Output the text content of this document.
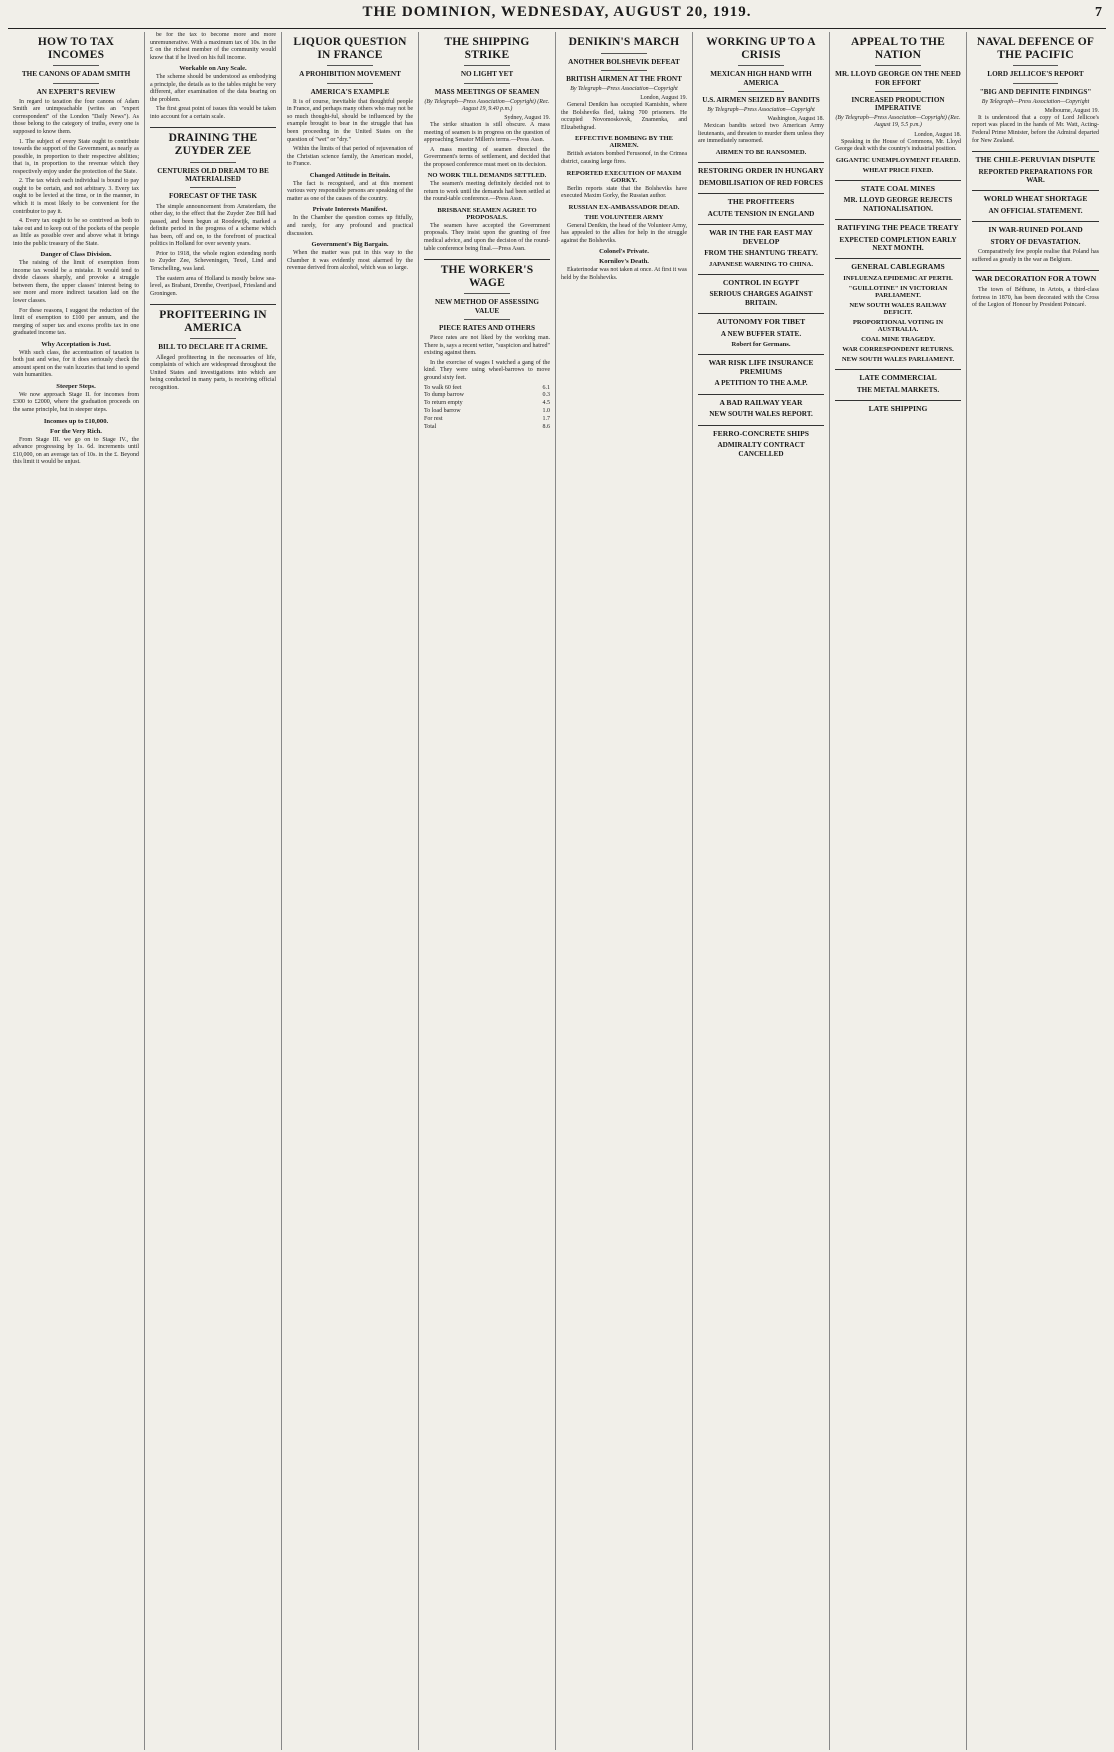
THE DOMINION, WEDNESDAY, AUGUST 20, 1919.	7
HOW TO TAX INCOMES
THE CANONS OF ADAM SMITH
AN EXPERT'S REVIEW

In regard to taxation the four canons of Adam Smith are unimpeachable (writes an "expert correspondent" of the London "Daily News"). As those belong to the category of truths, every one is supposed to know them.

1. The subject of every State ought to contribute towards the support of the Government, as nearly as possible, in proportion to their respective abilities; that is, in proportion to the revenue which they respectively enjoy under the protection of the State.

2. The tax which each individual is bound to pay ought to be certain, and not arbitrary. 3. Every tax ought to be levied at the time, or in the manner, in which it is most likely to be convenient for the contributor to pay it.

4. Every tax ought to be so contrived as both to take out and to keep out of the pockets of the people as little as possible over and above what it brings into the public treasury of the State.

Danger of Class Division.

The raising of the limit of exemption from income tax would be a mistake. It would tend to divide classes sharply, and provoke a struggle between them, the upper classes' interest being to see more and more indirect taxation laid on the lower classes.

For these reasons, I suggest the reduction of the limit of exemption to £100 per annum, and the merging of super tax and excess profits tax in one graduated income tax.

Why Acceptation is Just.

With such class, the accentuation of taxation is both just and wise, for it does seriously check the amount spent on the vain luxuries that tend to spend vain humanities.

Steeper Steps.

We now approach Stage II. for incomes from £300 to £2000, where the graduation proceeds on the same principle, but in steeper steps.

Incomes up to £10,000.
For the Very Rich.

From Stage III. we go on to Stage IV., the advance progressing by 1s. 6d. increments until £10,000, on an average tax of 10s. in the £. Beyond this limit it would be unjust.

be for the tax to become more and more unremunerative. With a maximum tax of 10s. in the £ on the richest member of the community would know that if he lived on his full income.

Workable on Any Scale.

The scheme should be understood as embodying a principle, the details as to the tables might be very different, after examination of the data bearing on the problem.

The first great point of issues this would be taken into account for a certain scale.

DRAINING THE ZUYDER ZEE
CENTURIES OLD DREAM TO BE MATERIALISED
FORECAST OF THE TASK

The simple announcement from Amsterdam, the other day, to the effect that the Zuyder Zee Bill had passed, and been begun at Roodewijk, marked a definite period in the progress of a scheme which has been, off and on, to the forefront of practical politics in Holland for over seventy years.

Prior to 1918, the whole region extending north to Zuyder Zee, Scheveningen, Texel, Lind and Terschelling, was land.

The eastern area of Holland is mostly below sea-level, as Brabant, Drenthe, Overijssel, Friesland and Groningen.

PROFITEERING IN AMERICA
BILL TO DECLARE IT A CRIME.

Alleged profiteering in the necessaries of life, complaints of which are widespread throughout the United States and investigations into which are being conducted in many parts, is receiving official recognition.

LIQUOR QUESTION IN FRANCE
A PROHIBITION MOVEMENT
AMERICA'S EXAMPLE

It is of course, inevitable that thoughtful people in France, and perhaps many others who may not be so much thought-ful, should be influenced by the example brought to bear in the struggle that has been proceeding in the United States on the question of "wet" or "dry."

Within the limits of that period of rejuvenation of the Christian science family, the American model, to France.

Changed Attitude in Britain.

The fact is recognised, and at this moment various very responsible persons are speaking of the matter as one of the causes of the country.

Private Interests Manifest.

In the Chamber the question comes up fitfully, and rarely, for any profound and practical discussion.

Government's Big Bargain.

When the matter was put in this way to the Chamber it was evidently most alarmed by the revenue derived from alcohol, which was so large.

THE SHIPPING STRIKE
NO LIGHT YET
MASS MEETINGS OF SEAMEN
(By Telegraph—Press Association—Copyright) (Rec. August 19, 9.40 p.m.)
Sydney, August 19.

The strike situation is still obscure. A mass meeting of seamen is in progress on the question of approaching Senator Millen's terms.—Press Assn.

A mass meeting of seamen directed the Government's terms of settlement, and decided that the proposed conference must meet on its decision.

NO WORK TILL DEMANDS SETTLED.

The seamen's meeting definitely decided not to return to work until the demands had been settled at the round-table conference.—Press Assn.

BRISBANE SEAMEN AGREE TO PROPOSALS.

The seamen have accepted the Government proposals. They insist upon the granting of free medical advice, and upon the decision of the round-table conference being final.—Press Assn.

THE WORKER'S WAGE
NEW METHOD OF ASSESSING VALUE
PIECE RATES AND OTHERS

Piece rates are not liked by the working man. There is, says a recent writer, "suspicion and hatred" existing against them.

In the exercise of wages I watched a gang of the kind. They were using wheel-barrows to move ground sixty feet.

To walk 60 feet	6.1
To dump barrow	0.3
To return empty	4.5
To load barrow	1.0
For rest	1.7
Total	8.6
DENIKIN'S MARCH
ANOTHER BOLSHEVIK DEFEAT
BRITISH AIRMEN AT THE FRONT
By Telegraph—Press Association—Copyright
London, August 19.

General Denikin has occupied Kamishin, where the Bolsheviks fled, taking 700 prisoners. He occupied Novomoskovsk, Znamenka, and Elizabethgrad.

EFFECTIVE BOMBING BY THE AIRMEN.

British aviators bombed Ferusonof, in the Crimea district, causing large fires.

REPORTED EXECUTION OF MAXIM GORKY.

Berlin reports state that the Bolsheviks have executed Maxim Gorky, the Russian author.

RUSSIAN EX-AMBASSADOR DEAD.
THE VOLUNTEER ARMY

General Denikin, the head of the Volunteer Army, has appealed to the allies for help in the struggle against the Bolsheviks.

Colonel's Private.
Kornilov's Death.

Ekaterinodar was not taken at once. At first it was held by the Bolsheviks.

WORKING UP TO A CRISIS
MEXICAN HIGH HAND WITH AMERICA
U.S. AIRMEN SEIZED BY BANDITS
By Telegraph—Press Association—Copyright
Washington, August 18.

Mexican bandits seized two American Army lieutenants, and threaten to murder them unless they are immediately ransomed.

AIRMEN TO BE RANSOMED.
RESTORING ORDER IN HUNGARY
DEMOBILISATION OF RED FORCES
THE PROFITEERS
ACUTE TENSION IN ENGLAND
WAR IN THE FAR EAST MAY DEVELOP
FROM THE SHANTUNG TREATY.
JAPANESE WARNING TO CHINA.
CONTROL IN EGYPT
SERIOUS CHARGES AGAINST BRITAIN.
AUTONOMY FOR TIBET
A NEW BUFFER STATE.
Robert for Germans.
WAR RISK LIFE INSURANCE PREMIUMS
A PETITION TO THE A.M.P.
A BAD RAILWAY YEAR
NEW SOUTH WALES REPORT.
FERRO-CONCRETE SHIPS
ADMIRALTY CONTRACT CANCELLED
APPEAL TO THE NATION
MR. LLOYD GEORGE ON THE NEED FOR EFFORT
INCREASED PRODUCTION IMPERATIVE
(By Telegraph—Press Association—Copyright) (Rec. August 19, 5.5 p.m.)
London, August 18.

Speaking in the House of Commons, Mr. Lloyd George dealt with the country's industrial position.

GIGANTIC UNEMPLOYMENT FEARED.
WHEAT PRICE FIXED.
STATE COAL MINES
MR. LLOYD GEORGE REJECTS NATIONALISATION.
RATIFYING THE PEACE TREATY
EXPECTED COMPLETION EARLY NEXT MONTH.
GENERAL CABLEGRAMS
INFLUENZA EPIDEMIC AT PERTH.
"GUILLOTINE" IN VICTORIAN PARLIAMENT.
NEW SOUTH WALES RAILWAY DEFICIT.
PROPORTIONAL VOTING IN AUSTRALIA.
COAL MINE TRAGEDY.
WAR CORRESPONDENT RETURNS.
NEW SOUTH WALES PARLIAMENT.
LATE COMMERCIAL
THE METAL MARKETS.
LATE SHIPPING
NAVAL DEFENCE OF THE PACIFIC
LORD JELLICOE'S REPORT
"BIG AND DEFINITE FINDINGS"
By Telegraph—Press Association—Copyright
Melbourne, August 19.

It is understood that a copy of Lord Jellicoe's report was placed in the hands of Mr. Watt, Acting-Federal Prime Minister, before the Admiral departed for New Zealand.

THE CHILE-PERUVIAN DISPUTE
REPORTED PREPARATIONS FOR WAR.
WORLD WHEAT SHORTAGE
AN OFFICIAL STATEMENT.
IN WAR-RUINED POLAND
STORY OF DEVASTATION.

Comparatively few people realise that Poland has suffered as greatly in the war as Belgium.

WAR DECORATION FOR A TOWN

The town of Béthune, in Artois, a third-class fortress in 1870, has been decorated with the Cross of the Legion of Honour by President Poincaré.
